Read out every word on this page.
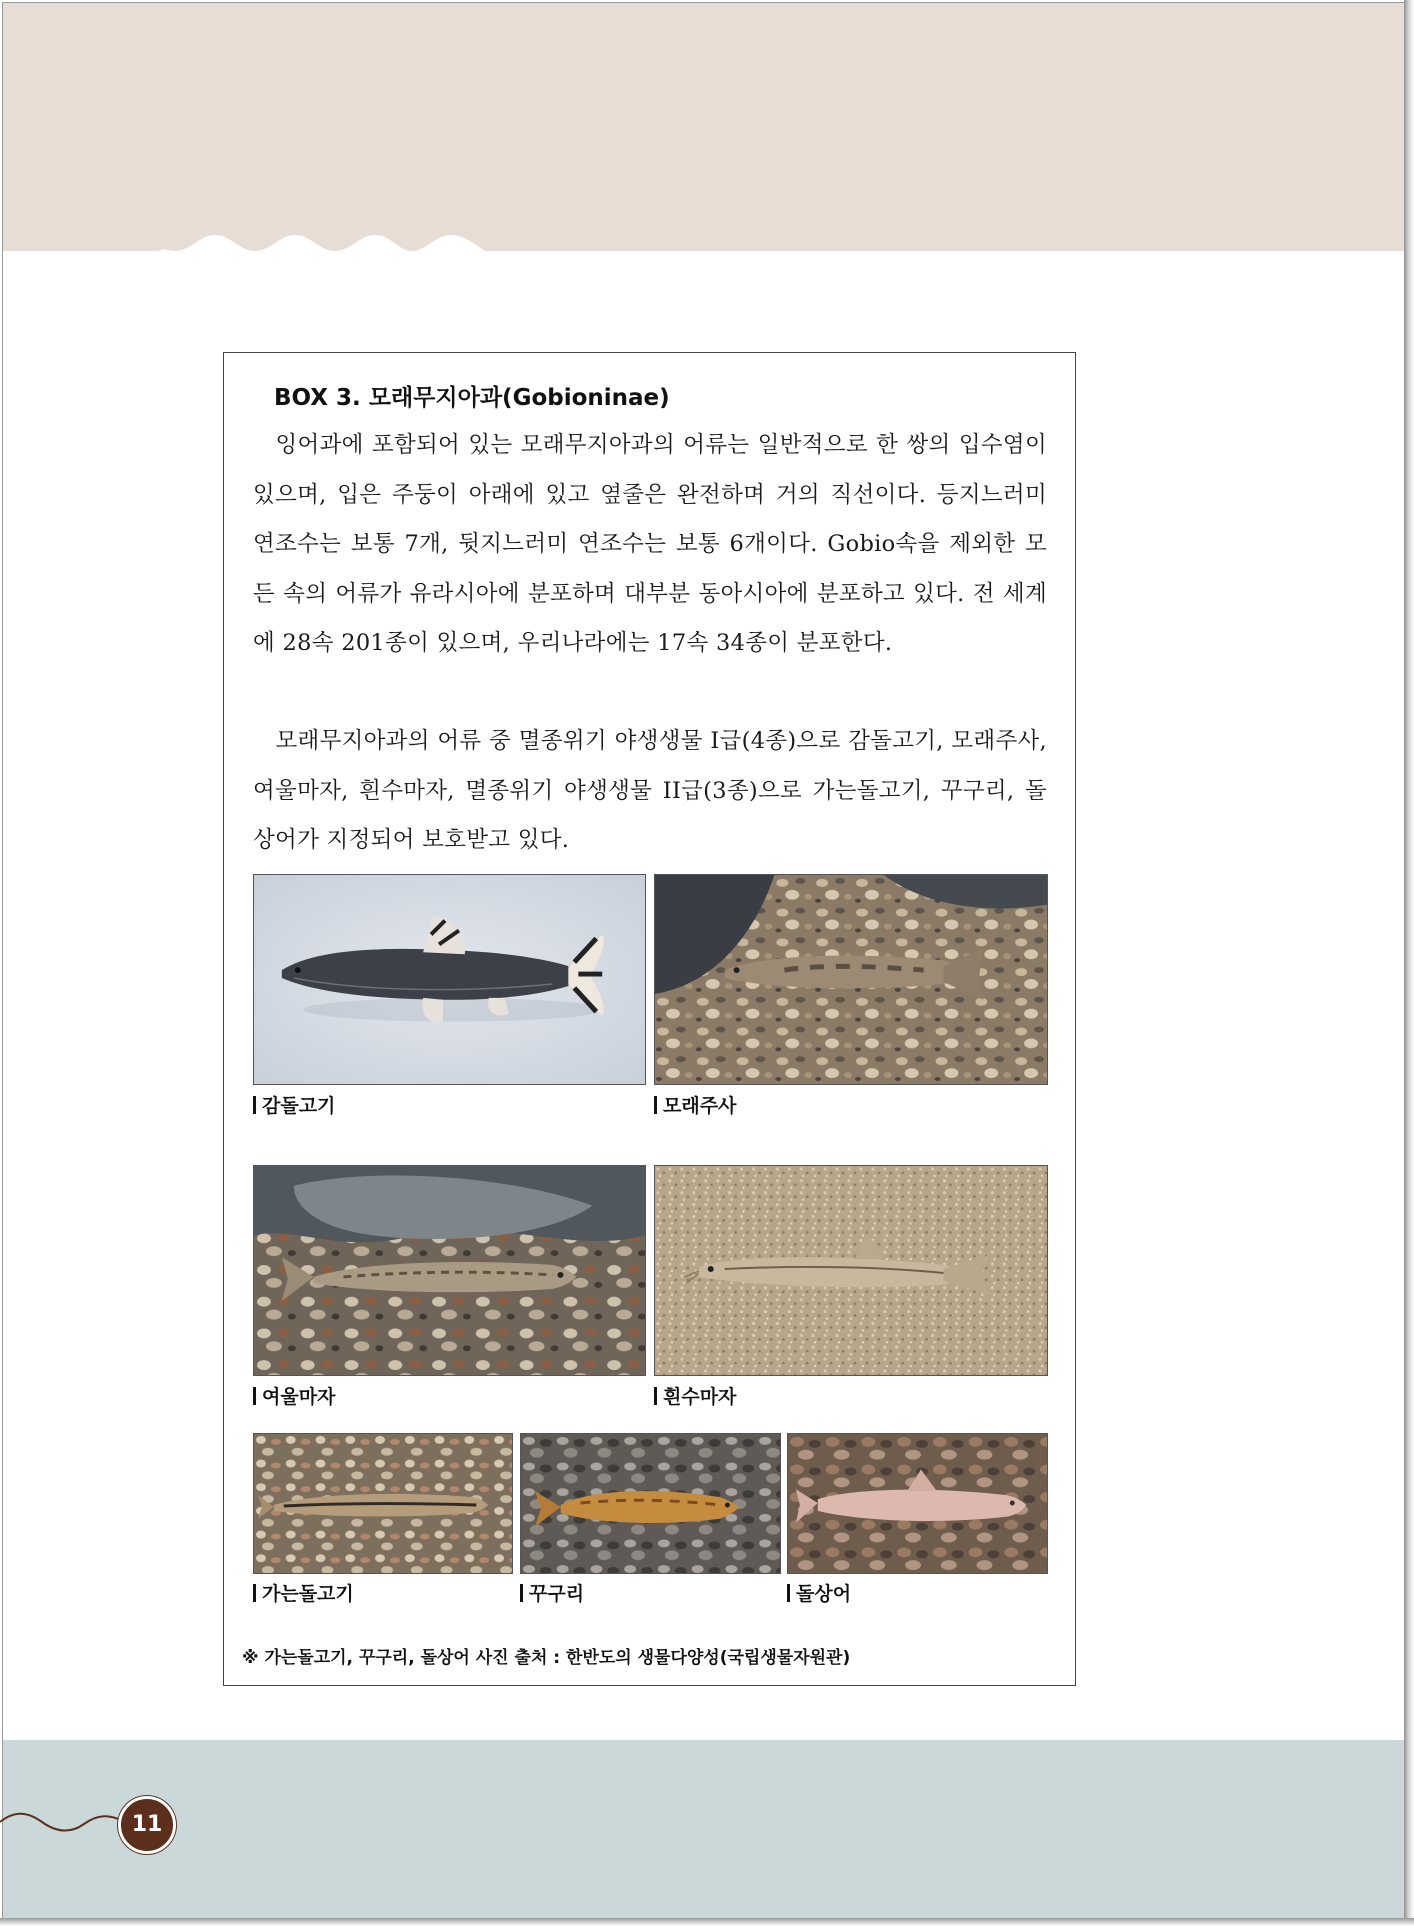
11
BOX 3. 모래무지아과(Gobioninae)

잉어과에 포함되어 있는 모래무지아과의 어류는 일반적으로 한 쌍의 입수염이 있으며, 입은 주둥이 아래에 있고 옆줄은 완전하며 거의 직선이다. 등지느러미 연조수는 보통 7개, 뒷지느러미 연조수는 보통 6개이다. Gobio속을 제외한 모든 속의 어류가 유라시아에 분포하며 대부분 동아시아에 분포하고 있다. 전 세계에 28속 201종이 있으며, 우리나라에는 17속 34종이 분포한다.

모래무지아과의 어류 중 멸종위기 야생생물 I급(4종)으로 감돌고기, 모래주사, 여울마자, 흰수마자, 멸종위기 야생생물 II급(3종)으로 가는돌고기, 꾸구리, 돌상어가 지정되어 보호받고 있다.

감돌고기	모래주사

여울마자	흰수마자

가는돌고기	꾸구리	돌상어

※ 가는돌고기, 꾸구리, 돌상어 사진 출처 : 한반도의 생물다양성(국립생물자원관)
